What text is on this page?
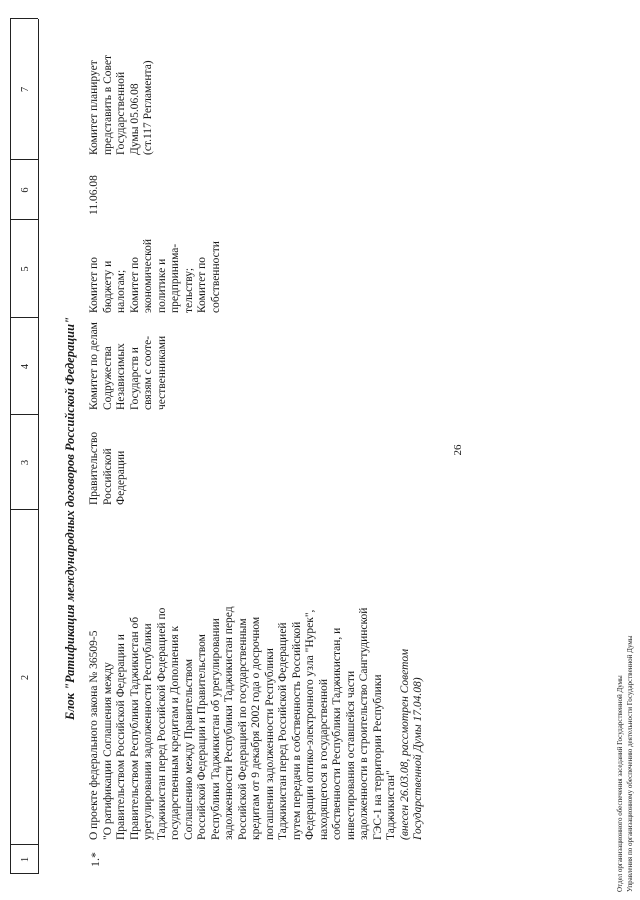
26
1
2
3
4
5
6
7
Блок "Ратификация международных договоров Российской Федерации"
1.*
О проекте федерального закона № 36509-5 "О ратификации Соглашения между Правительством Российской Федерации и Правительством Республики Таджикистан об урегулировании задолженности Республики Таджикистан перед Российской Федерацией по государственным кредитам и Дополнения к Соглашению между Правительством Российской Федерации и Правительством Республики Таджикистан об урегулировании задолженности Республики Таджикистан перед Российской Федерацией по государственным кредитам от 9 декабря 2002 года о досрочном погашении задолженности Республики Таджикистан перед Российской Федерацией путем передачи в собственность Российской Федерации оптико-электронного узла "Нурек", находящегося в государственной собственности Республики Таджикистан, и инвестирования оставшейся части задолженности в строительство Сангтудинской ГЭС-1 на территории Республики Таджикистан" (внесен 26.03.08, рассмотрен Советом Государственной Думы 17.04.08)
Правительство Российской Федерации
Комитет по делам Содружества Независимых Государств и связям с сооте- чественниками
Комитет по бюджету и налогам; Комитет по экономической политике и предпринима- тельству; Комитет по собственности
11.06.08
Комитет планирует представить в Совет Государственной Думы 05.06.08 (ст.117 Регламента)
Отдел организационного обеспечения заседаний Государственной Думы Управления по организационному обеспечению деятельности Государственной Думы
